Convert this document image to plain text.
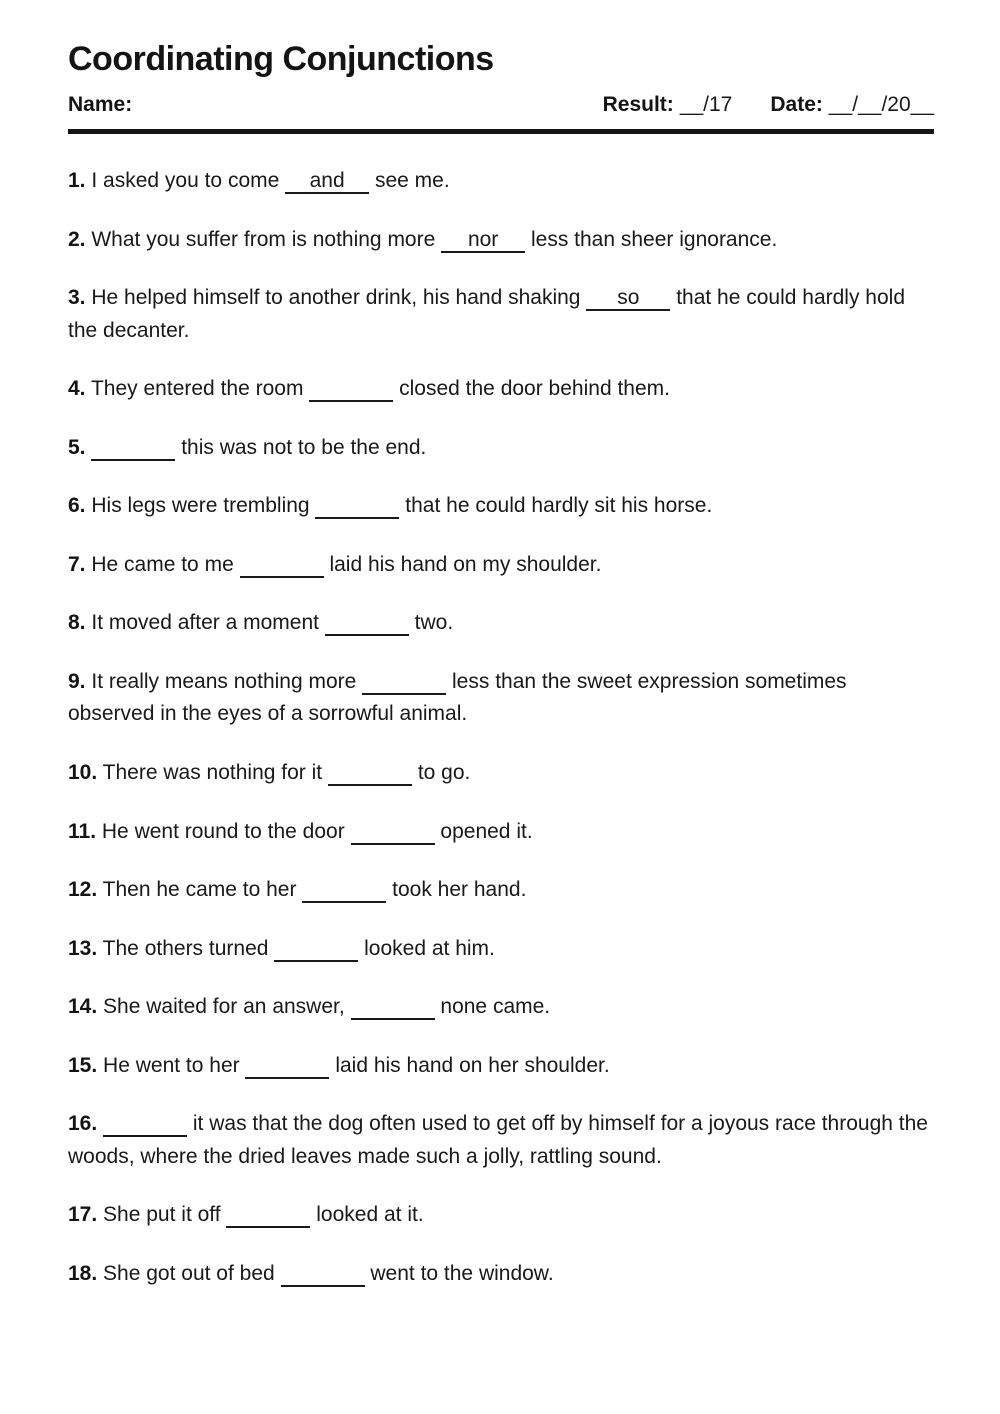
Coordinating Conjunctions
Name:	Result: __/17 Date: __/__/20__

1. I asked you to come and see me.

2. What you suffer from is nothing more nor less than sheer ignorance.

3. He helped himself to another drink, his hand shaking so that he could hardly hold the decanter.

4. They entered the room	closed the door behind them.

5.	this was not to be the end.

6. His legs were trembling	that he could hardly sit his horse.

7. He came to me	laid his hand on my shoulder.

8. It moved after a moment	two.

9. It really means nothing more	less than the sweet expression sometimes observed in the eyes of a sorrowful animal.

10. There was nothing for it	to go.

11. He went round to the door	opened it.

12. Then he came to her	took her hand.

13. The others turned	looked at him.

14. She waited for an answer,	none came.

15. He went to her	laid his hand on her shoulder.

16.	it was that the dog often used to get off by himself for a joyous race through the woods, where the dried leaves made such a jolly, rattling sound.

17. She put it off	looked at it.

18. She got out of bed	went to the window.
